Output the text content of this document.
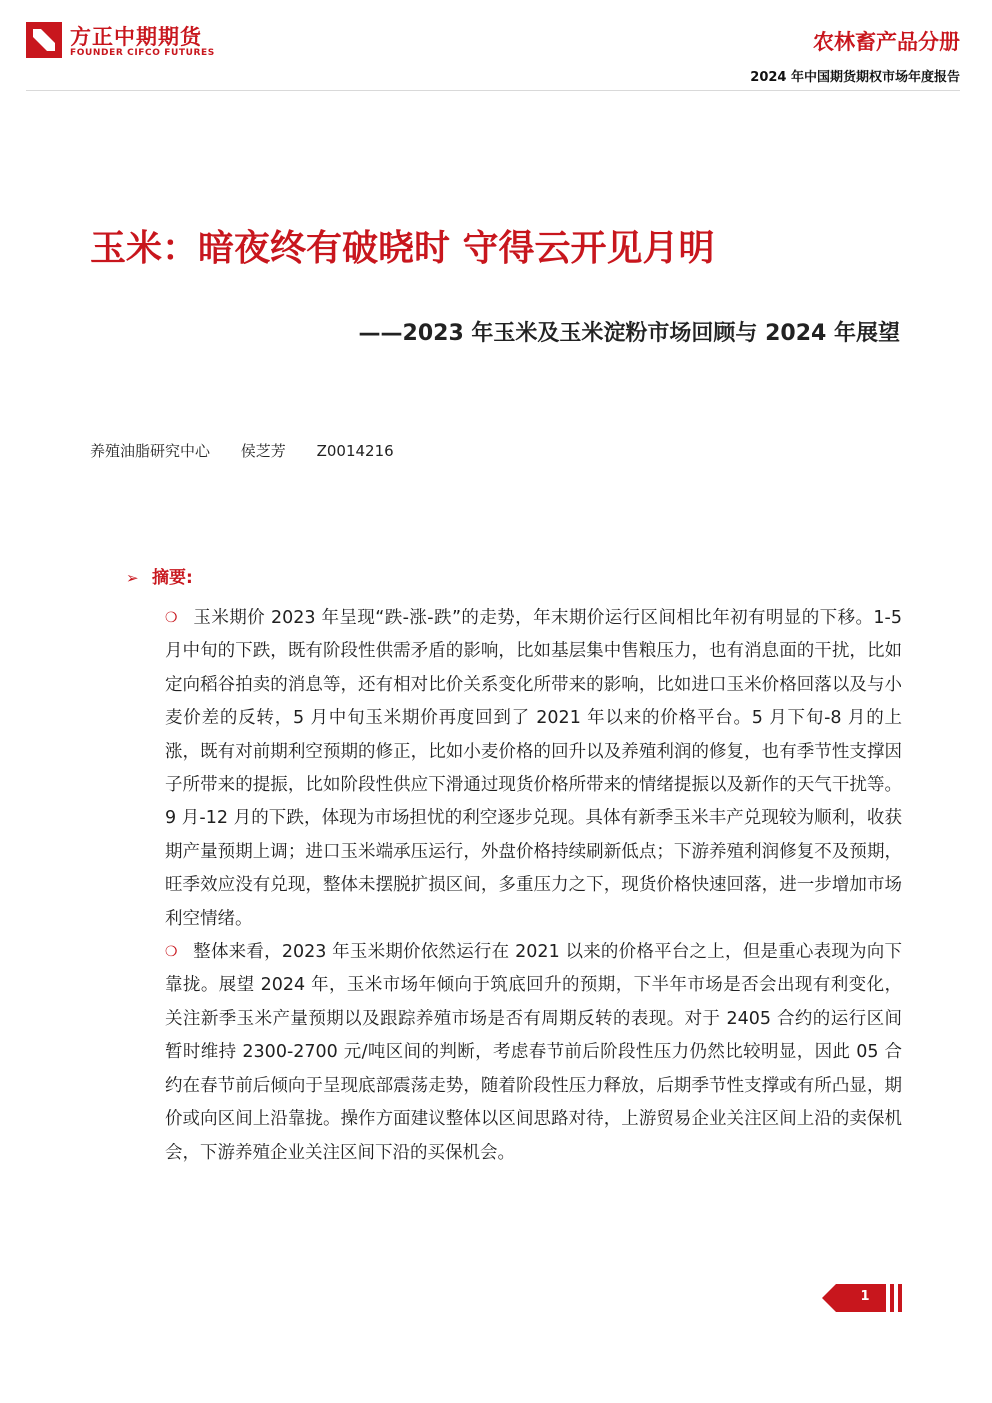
方正中期期货
FOUNDER CIFCO FUTURES	农林畜产品分册
2024 年中国期货期权市场年度报告
玉米：暗夜终有破晓时 守得云开见月明
——2023 年玉米及玉米淀粉市场回顾与 2024 年展望
养殖油脂研究中心 侯芝芳 Z0014216
➢ 摘要:

❍ 玉米期价 2023 年呈现“跌-涨-跌”的走势，年末期价运行区间相比年初有明显的下移。1-5 月中旬的下跌，既有阶段性供需矛盾的影响，比如基层集中售粮压力，也有消息面的干扰，比如定向稻谷拍卖的消息等，还有相对比价关系变化所带来的影响，比如进口玉米价格回落以及与小麦价差的反转，5 月中旬玉米期价再度回到了 2021 年以来的价格平台。5 月下旬-8 月的上涨，既有对前期利空预期的修正，比如小麦价格的回升以及养殖利润的修复，也有季节性支撑因子所带来的提振，比如阶段性供应下滑通过现货价格所带来的情绪提振以及新作的天气干扰等。9 月-12 月的下跌，体现为市场担忧的利空逐步兑现。具体有新季玉米丰产兑现较为顺利，收获期产量预期上调；进口玉米端承压运行，外盘价格持续刷新低点；下游养殖利润修复不及预期，旺季效应没有兑现，整体未摆脱扩损区间，多重压力之下，现货价格快速回落，进一步增加市场利空情绪。

❍ 整体来看，2023 年玉米期价依然运行在 2021 以来的价格平台之上，但是重心表现为向下靠拢。展望 2024 年，玉米市场年倾向于筑底回升的预期，下半年市场是否会出现有利变化，关注新季玉米产量预期以及跟踪养殖市场是否有周期反转的表现。对于 2405 合约的运行区间暂时维持 2300-2700 元/吨区间的判断，考虑春节前后阶段性压力仍然比较明显，因此 05 合约在春节前后倾向于呈现底部震荡走势，随着阶段性压力释放，后期季节性支撑或有所凸显，期价或向区间上沿靠拢。操作方面建议整体以区间思路对待，上游贸易企业关注区间上沿的卖保机会，下游养殖企业关注区间下沿的买保机会。

1
